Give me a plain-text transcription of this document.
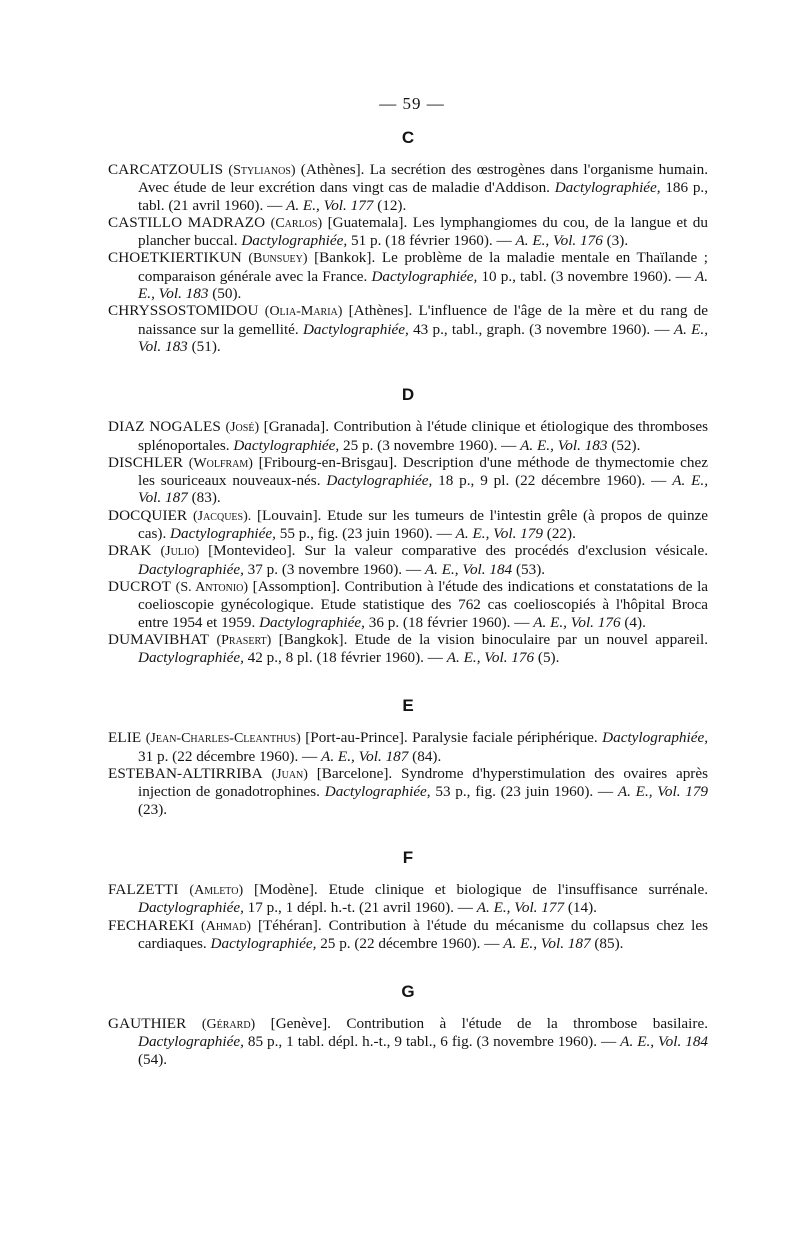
— 59 —
C

CARCATZOULIS (Stylianos) (Athènes]. La secrétion des œstrogènes dans l'organisme humain. Avec étude de leur excrétion dans vingt cas de maladie d'Addison. Dactylographiée, 186 p., tabl. (21 avril 1960). — A. E., Vol. 177 (12).

CASTILLO MADRAZO (Carlos) [Guatemala]. Les lymphangiomes du cou, de la langue et du plancher buccal. Dactylographiée, 51 p. (18 février 1960). — A. E., Vol. 176 (3).

CHOETKIERTIKUN (Bunsuey) [Bankok]. Le problème de la maladie mentale en Thaïlande ; comparaison générale avec la France. Dactylographiée, 10 p., tabl. (3 novembre 1960). — A. E., Vol. 183 (50).

CHRYSSOSTOMIDOU (Olia-Maria) [Athènes]. L'influence de l'âge de la mère et du rang de naissance sur la gemellité. Dactylographiée, 43 p., tabl., graph. (3 novembre 1960). — A. E., Vol. 183 (51).

D

DIAZ NOGALES (José) [Granada]. Contribution à l'étude clinique et étiologique des thromboses splénoportales. Dactylographiée, 25 p. (3 novembre 1960). — A. E., Vol. 183 (52).

DISCHLER (Wolfram) [Fribourg-en-Brisgau]. Description d'une méthode de thymectomie chez les souriceaux nouveaux-nés. Dactylographiée, 18 p., 9 pl. (22 décembre 1960). — A. E., Vol. 187 (83).

DOCQUIER (Jacques). [Louvain]. Etude sur les tumeurs de l'intestin grêle (à propos de quinze cas). Dactylographiée, 55 p., fig. (23 juin 1960). — A. E., Vol. 179 (22).

DRAK (Julio) [Montevideo]. Sur la valeur comparative des procédés d'exclusion vésicale. Dactylographiée, 37 p. (3 novembre 1960). — A. E., Vol. 184 (53).

DUCROT (S. Antonio) [Assomption]. Contribution à l'étude des indications et constatations de la coelioscopie gynécologique. Etude statistique des 762 cas coelioscopiés à l'hôpital Broca entre 1954 et 1959. Dactylographiée, 36 p. (18 février 1960). — A. E., Vol. 176 (4).

DUMAVIBHAT (Prasert) [Bangkok]. Etude de la vision binoculaire par un nouvel appareil. Dactylographiée, 42 p., 8 pl. (18 février 1960). — A. E., Vol. 176 (5).

E

ELIE (Jean-Charles-Cleanthus) [Port-au-Prince]. Paralysie faciale périphérique. Dactylographiée, 31 p. (22 décembre 1960). — A. E., Vol. 187 (84).

ESTEBAN-ALTIRRIBA (Juan) [Barcelone]. Syndrome d'hyperstimulation des ovaires après injection de gonadotrophines. Dactylographiée, 53 p., fig. (23 juin 1960). — A. E., Vol. 179 (23).

F

FALZETTI (Amleto) [Modène]. Etude clinique et biologique de l'insuffisance surrénale. Dactylographiée, 17 p., 1 dépl. h.-t. (21 avril 1960). — A. E., Vol. 177 (14).

FECHAREKI (Ahmad) [Téhéran]. Contribution à l'étude du mécanisme du collapsus chez les cardiaques. Dactylographiée, 25 p. (22 décembre 1960). — A. E., Vol. 187 (85).

G

GAUTHIER (Gérard) [Genève]. Contribution à l'étude de la thrombose basilaire. Dactylographiée, 85 p., 1 tabl. dépl. h.-t., 9 tabl., 6 fig. (3 novembre 1960). — A. E., Vol. 184 (54).
